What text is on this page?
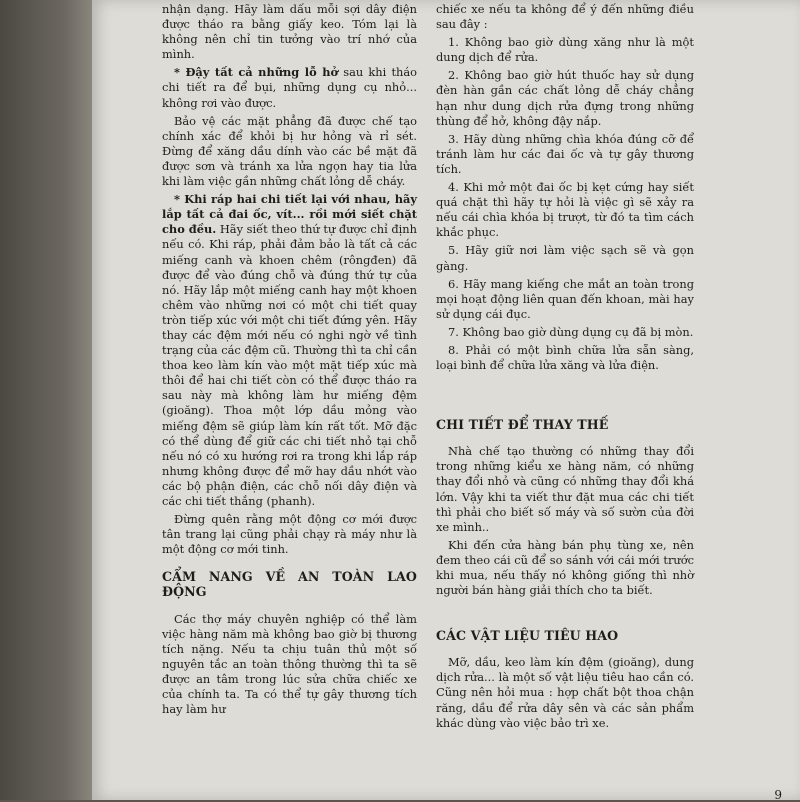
nhận dạng. Hãy làm dấu mỗi sợi dây điện được tháo ra bằng giấy keo. Tóm lại là không nên chỉ tin tưởng vào trí nhớ của mình.

* Đậy tất cả những lỗ hở sau khi tháo chi tiết ra để bụi, những dụng cụ nhỏ... không rơi vào được.

Bảo vệ các mặt phẳng đã được chế tạo chính xác để khỏi bị hư hỏng và rỉ sét. Đừng để xăng dầu dính vào các bề mặt đã được sơn và tránh xa lửa ngọn hay tia lửa khi làm việc gần những chất lỏng dễ cháy.

* Khi ráp hai chi tiết lại với nhau, hãy lắp tất cả đai ốc, vít... rồi mới siết chặt cho đều. Hãy siết theo thứ tự được chỉ định nếu có. Khi ráp, phải đảm bảo là tất cả các miếng canh và khoen chêm (rôngđen) đã được để vào đúng chỗ và đúng thứ tự của nó. Hãy lắp một miếng canh hay một khoen chêm vào những nơi có một chi tiết quay tròn tiếp xúc với một chi tiết đứng yên. Hãy thay các đệm mới nếu có nghi ngờ về tình trạng của các đệm cũ. Thường thì ta chỉ cần thoa keo làm kín vào một mặt tiếp xúc mà thôi để hai chi tiết còn có thể được tháo ra sau này mà không làm hư miếng đệm (gioăng). Thoa một lớp dầu mỏng vào miếng đệm sẽ giúp làm kín rất tốt. Mỡ đặc có thể dùng để giữ các chi tiết nhỏ tại chỗ nếu nó có xu hướng rơi ra trong khi lắp ráp nhưng không được để mỡ hay dầu nhớt vào các bộ phận điện, các chỗ nối dây điện và các chi tiết thắng (phanh).

Đừng quên rằng một động cơ mới được tân trang lại cũng phải chạy rà máy như là một động cơ mới tinh.

CẨM NANG VỀ AN TOÀN LAO ĐỘNG

Các thợ máy chuyên nghiệp có thể làm việc hàng năm mà không bao giờ bị thương tích nặng. Nếu ta chịu tuân thủ một số nguyên tắc an toàn thông thường thì ta sẽ được an tâm trong lúc sửa chữa chiếc xe của chính ta. Ta có thể tự gây thương tích hay làm hư

chiếc xe nếu ta không để ý đến những điều sau đây :

1. Không bao giờ dùng xăng như là một dung dịch để rửa.

2. Không bao giờ hút thuốc hay sử dụng đèn hàn gần các chất lỏng dễ cháy chẳng hạn như dung dịch rửa đựng trong những thùng để hở, không đậy nắp.

3. Hãy dùng những chìa khóa đúng cỡ để tránh làm hư các đai ốc và tự gây thương tích.

4. Khi mở một đai ốc bị kẹt cứng hay siết quá chặt thì hãy tự hỏi là việc gì sẽ xảy ra nếu cái chìa khóa bị trượt, từ đó ta tìm cách khắc phục.

5. Hãy giữ nơi làm việc sạch sẽ và gọn gàng.

6. Hãy mang kiếng che mắt an toàn trong mọi hoạt động liên quan đến khoan, mài hay sử dụng cái đục.

7. Không bao giờ dùng dụng cụ đã bị mòn.

8. Phải có một bình chữa lửa sẵn sàng, loại bình để chữa lửa xăng và lửa điện.

CHI TIẾT ĐỂ THAY THẾ

Nhà chế tạo thường có những thay đổi trong những kiểu xe hàng năm, có những thay đổi nhỏ và cũng có những thay đổi khá lớn. Vậy khi ta viết thư đặt mua các chi tiết thì phải cho biết số máy và số sườn của đời xe mình..

Khi đến cửa hàng bán phụ tùng xe, nên đem theo cái cũ để so sánh với cái mới trước khi mua, nếu thấy nó không giống thì nhờ người bán hàng giải thích cho ta biết.

CÁC VẬT LIỆU TIÊU HAO

Mỡ, dầu, keo làm kín đệm (gioăng), dung dịch rửa... là một số vật liệu tiêu hao cần có. Cũng nên hỏi mua : hợp chất bột thoa chận răng, dầu để rửa dây sên và các sản phẩm khác dùng vào việc bảo trì xe.

9
